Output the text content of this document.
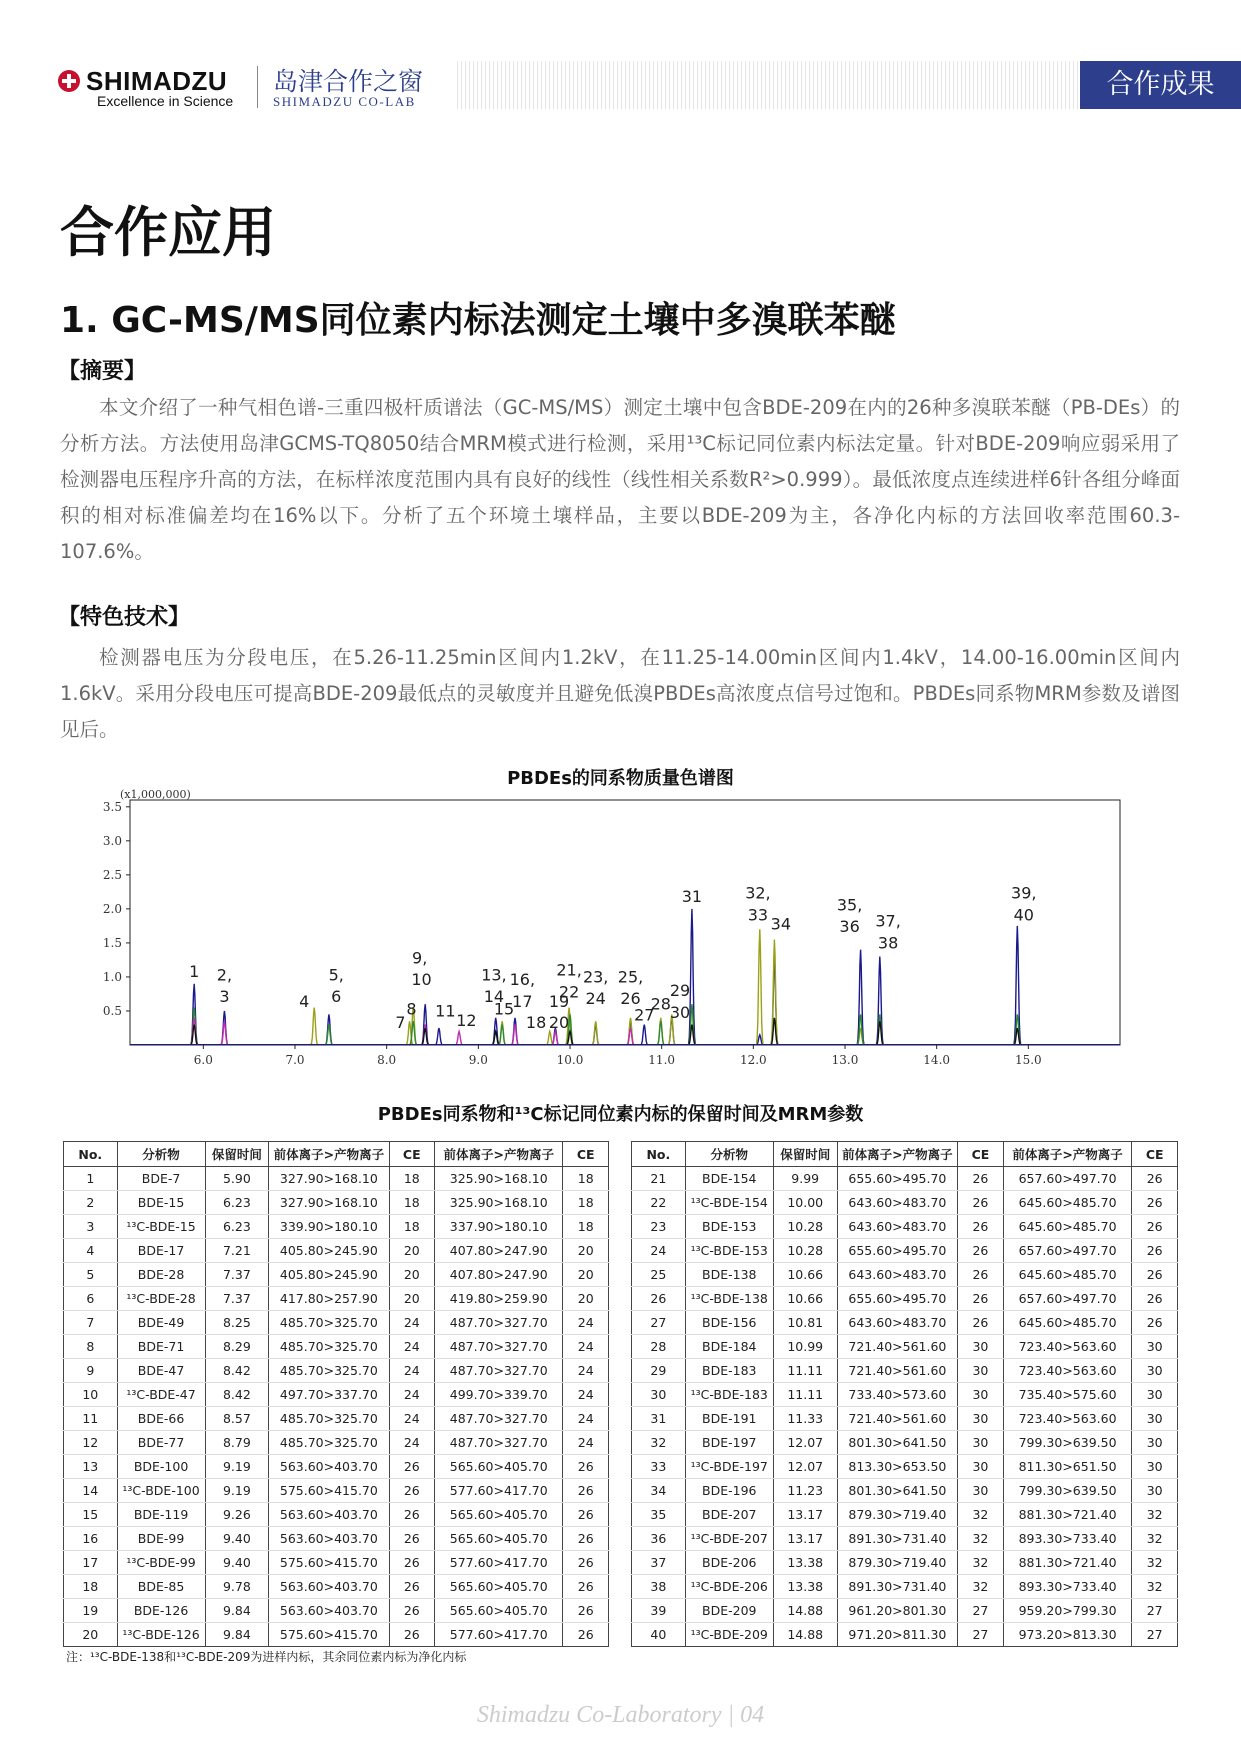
SHIMADZU
Excellence in Science
岛津合作之窗
SHIMADZU CO-LAB
合作成果
合作应用
1. GC-MS/MS同位素内标法测定土壤中多溴联苯醚
【摘要】

本文介绍了一种气相色谱-三重四极杆质谱法（GC-MS/MS）测定土壤中包含BDE-209在内的26种多溴联苯醚（PB-DEs）的分析方法。方法使用岛津GCMS-TQ8050结合MRM模式进行检测，采用¹³C标记同位素内标法定量。针对BDE-209响应弱采用了检测器电压程序升高的方法，在标样浓度范围内具有良好的线性（线性相关系数R²>0.999）。最低浓度点连续进样6针各组分峰面积的相对标准偏差均在16%以下。分析了五个环境土壤样品，主要以BDE-209为主，各净化内标的方法回收率范围60.3-107.6%。

【特色技术】

检测器电压为分段电压，在5.26-11.25min区间内1.2kV，在11.25-14.00min区间内1.4kV，14.00-16.00min区间内1.6kV。采用分段电压可提高BDE-209最低点的灵敏度并且避免低溴PBDEs高浓度点信号过饱和。PBDEs同系物MRM参数及谱图见后。

PBDEs的同系物质量色谱图
(x1,000,000)
0.5
1.0
1.5
2.0
2.5
3.0
3.5
6.0	7.0	8.0	9.0	10.0	11.0	12.0	13.0	14.0	15.0
1 2,
3	4
5,
6
7
8
9,
10
11
12
13,
14
15
16,
17
18 20
19
21,
22
23,
24
25,
26
27
28
29
30
31	32,
33 34
35,
36 37,
38
39,
40
PBDEs同系物和¹³C标记同位素内标的保留时间及MRM参数
No.	分析物	保留时间	前体离子>产物离子	CE	前体离子>产物离子	CE
1	BDE-7	5.90	327.90>168.10	18	325.90>168.10	18
2	BDE-15	6.23	327.90>168.10	18	325.90>168.10	18
3	¹³C-BDE-15	6.23	339.90>180.10	18	337.90>180.10	18
4	BDE-17	7.21	405.80>245.90	20	407.80>247.90	20
5	BDE-28	7.37	405.80>245.90	20	407.80>247.90	20
6	¹³C-BDE-28	7.37	417.80>257.90	20	419.80>259.90	20
7	BDE-49	8.25	485.70>325.70	24	487.70>327.70	24
8	BDE-71	8.29	485.70>325.70	24	487.70>327.70	24
9	BDE-47	8.42	485.70>325.70	24	487.70>327.70	24
10	¹³C-BDE-47	8.42	497.70>337.70	24	499.70>339.70	24
11	BDE-66	8.57	485.70>325.70	24	487.70>327.70	24
12	BDE-77	8.79	485.70>325.70	24	487.70>327.70	24
13	BDE-100	9.19	563.60>403.70	26	565.60>405.70	26
14	¹³C-BDE-100	9.19	575.60>415.70	26	577.60>417.70	26
15	BDE-119	9.26	563.60>403.70	26	565.60>405.70	26
16	BDE-99	9.40	563.60>403.70	26	565.60>405.70	26
17	¹³C-BDE-99	9.40	575.60>415.70	26	577.60>417.70	26
18	BDE-85	9.78	563.60>403.70	26	565.60>405.70	26
19	BDE-126	9.84	563.60>403.70	26	565.60>405.70	26
20	¹³C-BDE-126	9.84	575.60>415.70	26	577.60>417.70	26
No.	分析物	保留时间	前体离子>产物离子	CE	前体离子>产物离子	CE
21	BDE-154	9.99	655.60>495.70	26	657.60>497.70	26
22	¹³C-BDE-154	10.00	643.60>483.70	26	645.60>485.70	26
23	BDE-153	10.28	643.60>483.70	26	645.60>485.70	26
24	¹³C-BDE-153	10.28	655.60>495.70	26	657.60>497.70	26
25	BDE-138	10.66	643.60>483.70	26	645.60>485.70	26
26	¹³C-BDE-138	10.66	655.60>495.70	26	657.60>497.70	26
27	BDE-156	10.81	643.60>483.70	26	645.60>485.70	26
28	BDE-184	10.99	721.40>561.60	30	723.40>563.60	30
29	BDE-183	11.11	721.40>561.60	30	723.40>563.60	30
30	¹³C-BDE-183	11.11	733.40>573.60	30	735.40>575.60	30
31	BDE-191	11.33	721.40>561.60	30	723.40>563.60	30
32	BDE-197	12.07	801.30>641.50	30	799.30>639.50	30
33	¹³C-BDE-197	12.07	813.30>653.50	30	811.30>651.50	30
34	BDE-196	11.23	801.30>641.50	30	799.30>639.50	30
35	BDE-207	13.17	879.30>719.40	32	881.30>721.40	32
36	¹³C-BDE-207	13.17	891.30>731.40	32	893.30>733.40	32
37	BDE-206	13.38	879.30>719.40	32	881.30>721.40	32
38	¹³C-BDE-206	13.38	891.30>731.40	32	893.30>733.40	32
39	BDE-209	14.88	961.20>801.30	27	959.20>799.30	27
40	¹³C-BDE-209	14.88	971.20>811.30	27	973.20>813.30	27
注：¹³C-BDE-138和¹³C-BDE-209为进样内标，其余同位素内标为净化内标
Shimadzu Co-Laboratory | 04
